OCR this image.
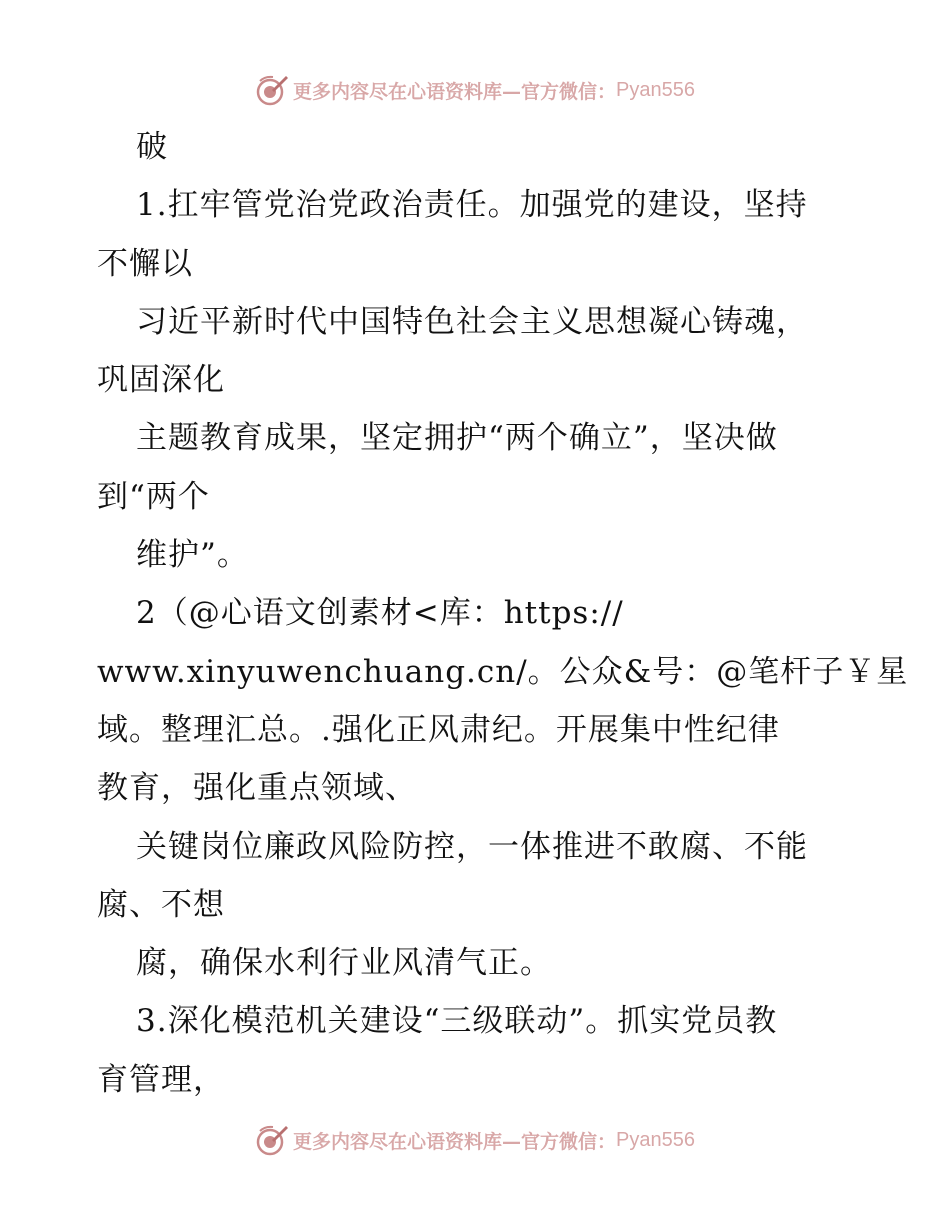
更多内容尽在心语资料库—官方微信： Pyan556
破
1.扛牢管党治党政治责任。加强党的建设，坚持
不懈以
习近平新时代中国特色社会主义思想凝心铸魂，
巩固深化
主题教育成果，坚定拥护“两个确立”，坚决做
到“两个
维护”。
2（@心语文创素材<库：https://
www.xinyuwenchuang.cn/。公众&号：@笔杆子￥星
域。整理汇总。.强化正风肃纪。开展集中性纪律
教育，强化重点领域、
关键岗位廉政风险防控，一体推进不敢腐、不能
腐、不想
腐，确保水利行业风清气正。
3.深化模范机关建设“三级联动”。抓实党员教
育管理，
更多内容尽在心语资料库—官方微信： Pyan556
